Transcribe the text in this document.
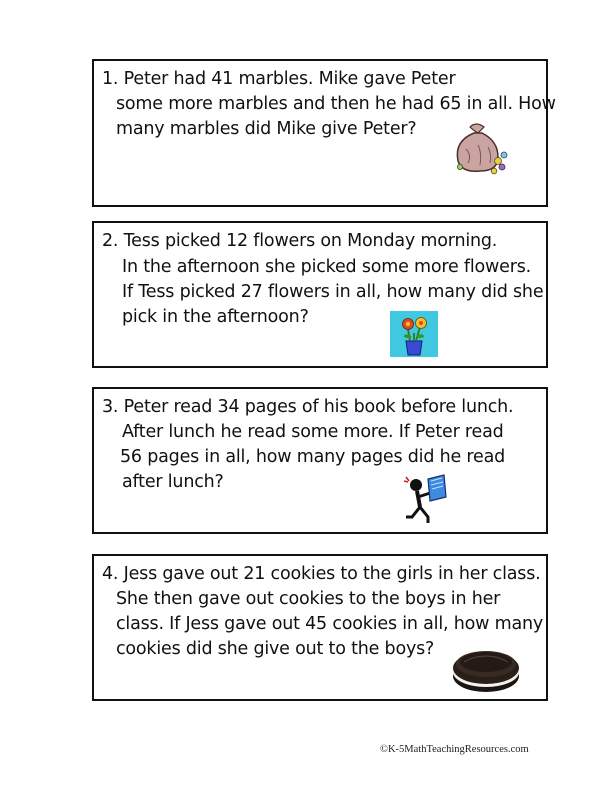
1. Peter had 41 marbles. Mike gave Peter
some more marbles and then he had 65 in all. How
many marbles did Mike give Peter?
2. Tess picked 12 flowers on Monday morning.
In the afternoon she picked some more flowers.
If Tess picked 27 flowers in all, how many did she
pick in the afternoon?
3. Peter read 34 pages of his book before lunch.
After lunch he read some more. If Peter read
56 pages in all, how many pages did he read
after lunch?
4. Jess gave out 21 cookies to the girls in her class.
She then gave out cookies to the boys in her
class. If Jess gave out 45 cookies in all, how many
cookies did she give out to the boys?
©K-5MathTeachingResources.com
